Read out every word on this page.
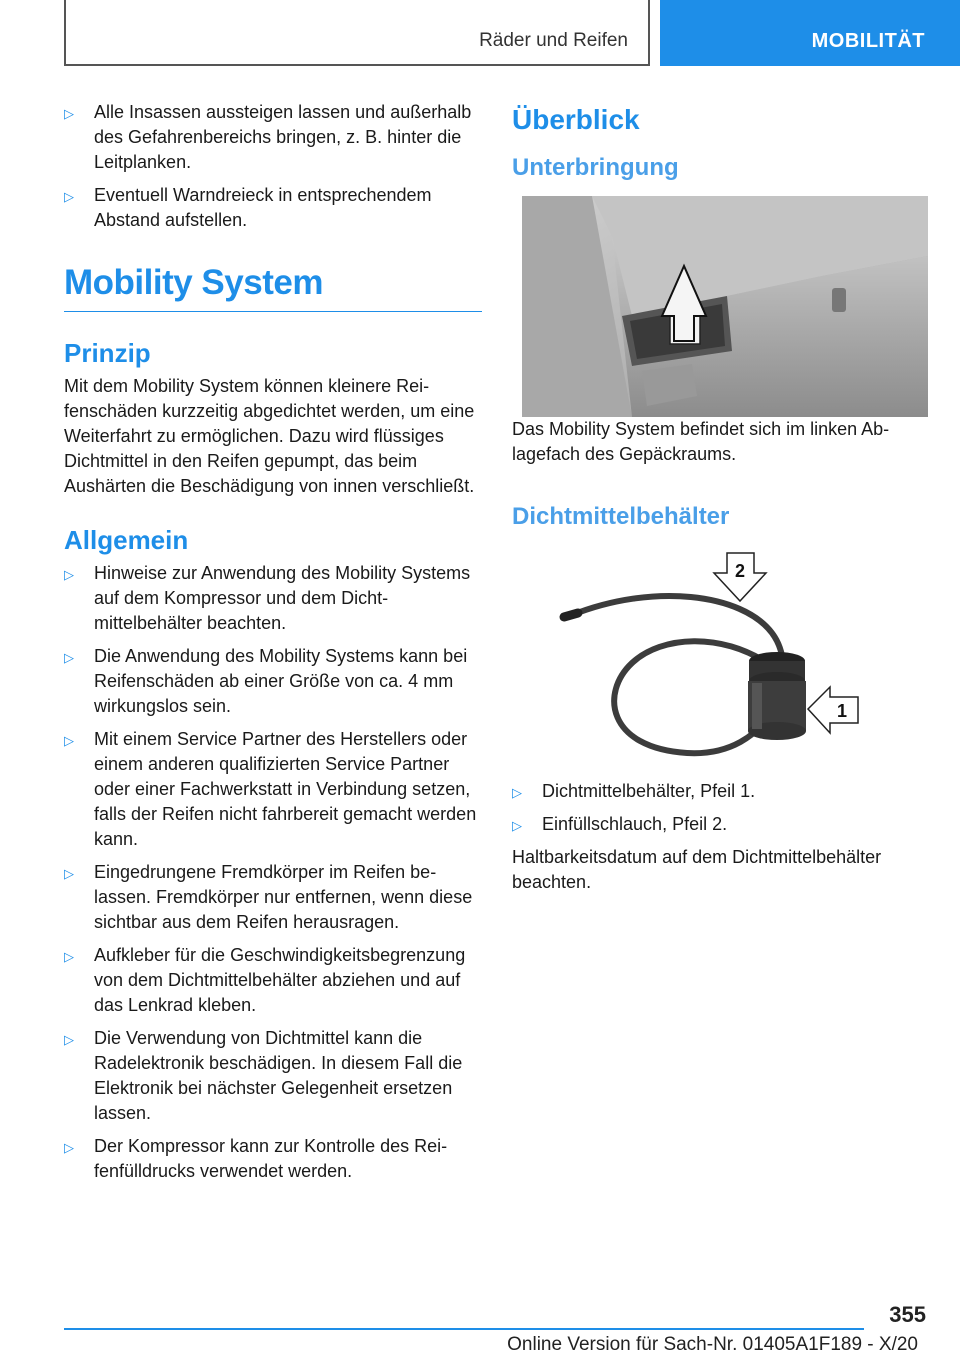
Räder und Reifen	MOBILITÄT
▷ Alle Insassen aussteigen lassen und außerhalb des Gefahrenbereichs bringen, z. B. hinter die Leitplanken.
▷ Eventuell Warndreieck in entsprechendem Abstand aufstellen.
Mobility System
Prinzip

Mit dem Mobility System können kleinere Reifenschäden kurzzeitig abgedichtet werden, um eine Weiterfahrt zu ermöglichen. Dazu wird flüssiges Dichtmittel in den Reifen gepumpt, das beim Aushärten die Beschädigung von innen verschließt.

Allgemein
▷ Hinweise zur Anwendung des Mobility Systems auf dem Kompressor und dem Dichtmittelbehälter beachten.
▷ Die Anwendung des Mobility Systems kann bei Reifenschäden ab einer Größe von ca. 4 mm wirkungslos sein.
▷ Mit einem Service Partner des Herstellers oder einem anderen qualifizierten Service Partner oder einer Fachwerkstatt in Verbindung setzen, falls der Reifen nicht fahrbereit gemacht werden kann.
▷ Eingedrungene Fremdkörper im Reifen belassen. Fremdkörper nur entfernen, wenn diese sichtbar aus dem Reifen herausragen.
▷ Aufkleber für die Geschwindigkeitsbegrenzung von dem Dichtmittelbehälter abziehen und auf das Lenkrad kleben.
▷ Die Verwendung von Dichtmittel kann die Radelektronik beschädigen. In diesem Fall die Elektronik bei nächster Gelegenheit ersetzen lassen.
▷ Der Kompressor kann zur Kontrolle des Reifenfülldrucks verwendet werden.
Überblick
Unterbringung

Das Mobility System befindet sich im linken Ablagefach des Gepäckraums.

Dichtmittelbehälter
2
1
▷ Dichtmittelbehälter, Pfeil 1.
▷ Einfüllschlauch, Pfeil 2.

Haltbarkeitsdatum auf dem Dichtmittelbehälter beachten.

355
Online Version für Sach-Nr. 01405A1F189 - X/20
